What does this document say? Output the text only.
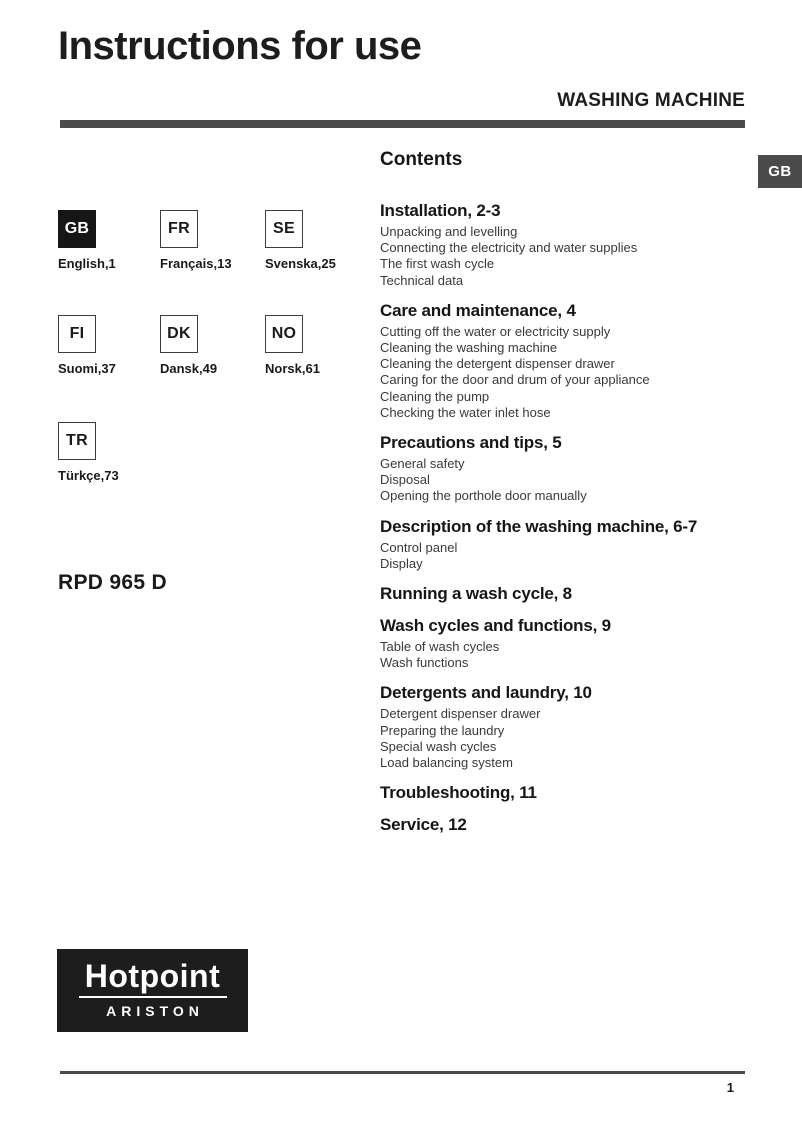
Instructions for use
WASHING MACHINE
GB
GB
English,1
FR
Français,13
SE
Svenska,25
FI
Suomi,37
DK
Dansk,49
NO
Norsk,61
TR
Türkçe,73
RPD 965 D
Contents
Installation, 2-3
Unpacking and levelling
Connecting the electricity and water supplies
The first wash cycle
Technical data
Care and maintenance, 4
Cutting off the water or electricity supply
Cleaning the washing machine
Cleaning the detergent dispenser drawer
Caring for the door and drum of your appliance
Cleaning the pump
Checking the water inlet hose
Precautions and tips, 5
General safety
Disposal
Opening the porthole door manually
Description of the washing machine, 6-7
Control panel
Display
Running a wash cycle, 8
Wash cycles and functions, 9
Table of wash cycles
Wash functions
Detergents and laundry, 10
Detergent dispenser drawer
Preparing the laundry
Special wash cycles
Load balancing system
Troubleshooting, 11
Service, 12
Hotpoint
ARISTON
1
